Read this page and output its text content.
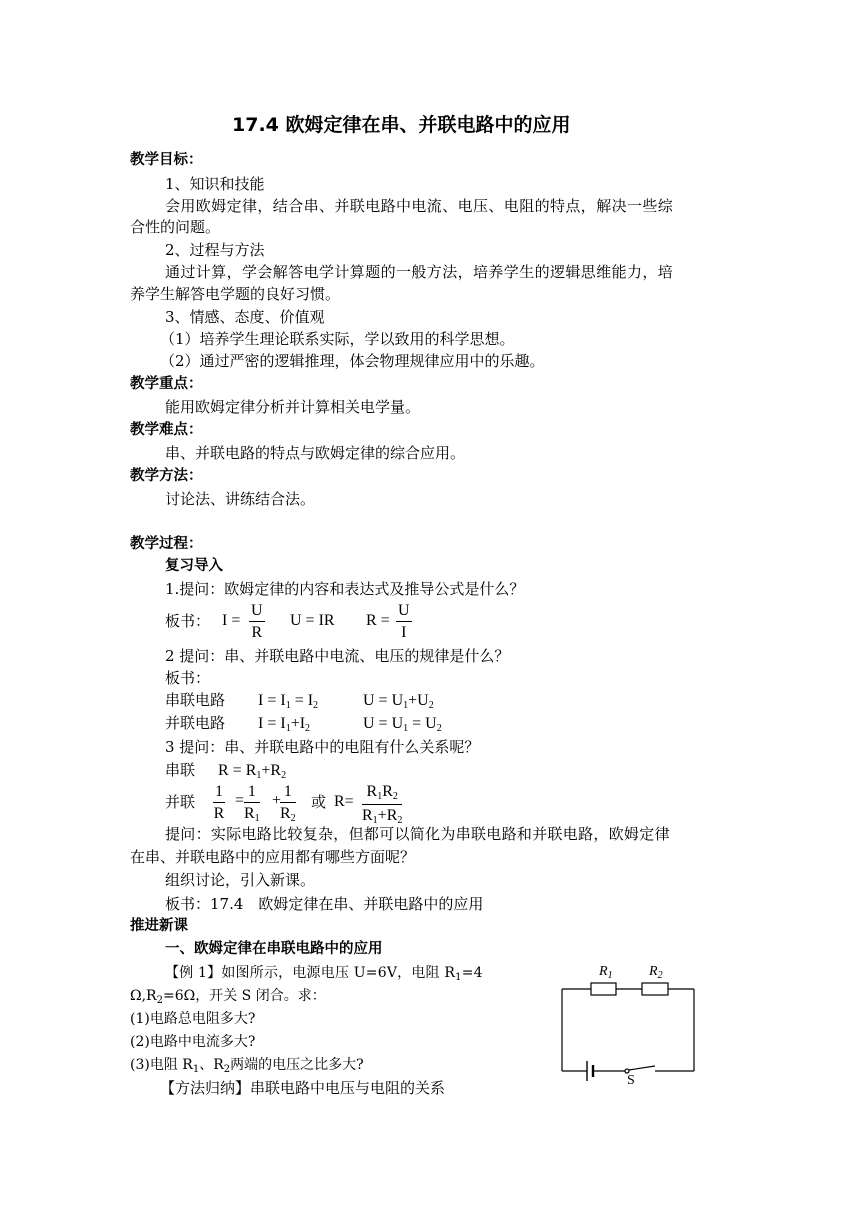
17.4 欧姆定律在串、并联电路中的应用
教学目标：
1、知识和技能
会用欧姆定律，结合串、并联电路中电流、电压、电阻的特点，解决一些综
合性的问题。
2、过程与方法
通过计算，学会解答电学计算题的一般方法，培养学生的逻辑思维能力，培
养学生解答电学题的良好习惯。
3、情感、态度、价值观
（1）培养学生理论联系实际，学以致用的科学思想。
（2）通过严密的逻辑推理，体会物理规律应用中的乐趣。
教学重点：
能用欧姆定律分析并计算相关电学量。
教学难点：
串、并联电路的特点与欧姆定律的综合应用。
教学方法：
讨论法、讲练结合法。
教学过程：
复习导入
1.提问：欧姆定律的内容和表达式及推导公式是什么？
板书： $I = \frac{U}{R}$ U = IR $R = \frac{U}{I}$
2 提问：串、并联电路中电流、电压的规律是什么？
板书：
串联电路 $I = I_1 = I_2$	$U = U_1+U_2$
并联电路 $I = I_1+I_2$	$U = U_1 = U_2$
3 提问：串、并联电路中的电阻有什么关系呢？
串联 $R = R_1+R_2$
并联 $\frac{1}{R} = \frac{1}{R_1}$ +
$\frac{1}{R_2}$ 或 $R= \frac{R_1R_2}{R_1+R_2}$
提问：实际电路比较复杂，但都可以简化为串联电路和并联电路，欧姆定律
在串、并联电路中的应用都有哪些方面呢？
组织讨论，引入新课。
板书：17.4　欧姆定律在串、并联电路中的应用
推进新课
一、欧姆定律在串联电路中的应用
【例 1】如图所示，电源电压 U=6V，电阻 $R_1=4$
$\Omega,R_2=6\Omega$，开关 S 闭合。求：
(1)电路总电阻多大?
(2)电路中电流多大?
(3)电阻 $R_1$、$R_2$两端的电压之比多大?
【方法归纳】串联电路中电压与电阻的关系
$R_1$	$R_2$
S
